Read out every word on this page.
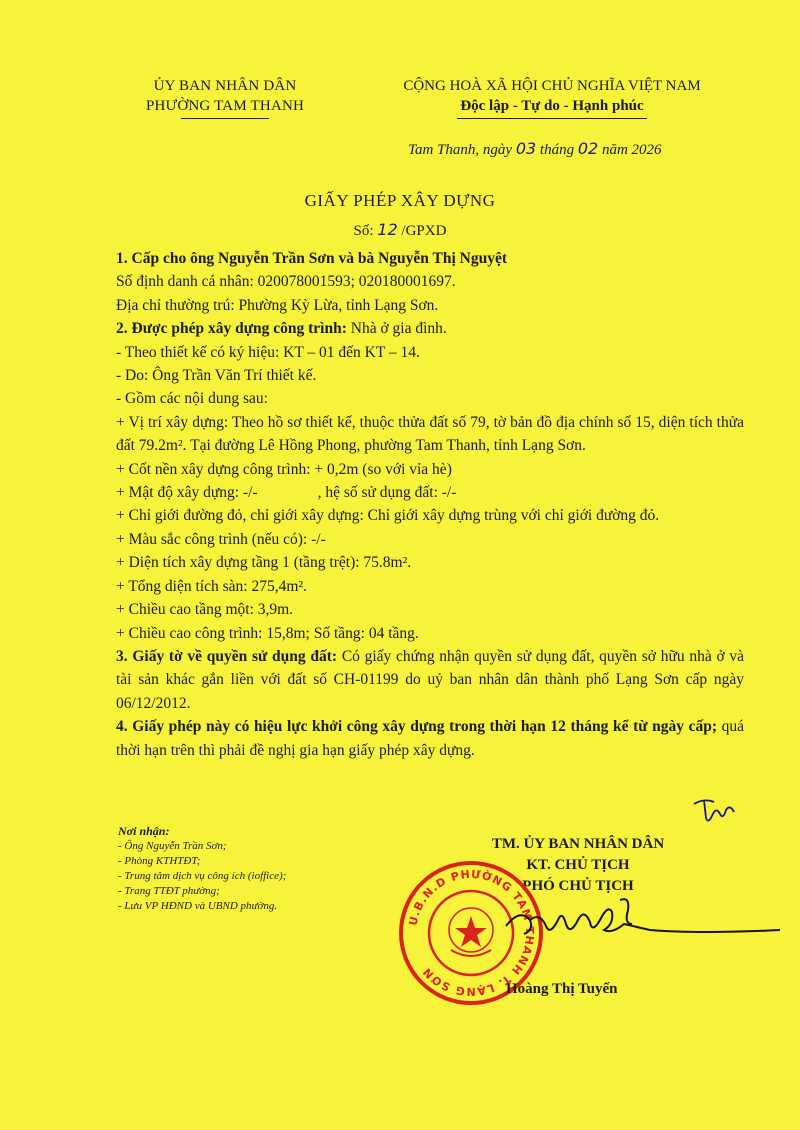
ỦY BAN NHÂN DÂN
PHƯỜNG TAM THANH
CỘNG HOÀ XÃ HỘI CHỦ NGHĨA VIỆT NAM
Độc lập - Tự do - Hạnh phúc
Tam Thanh, ngày 03 tháng 02 năm 2026
GIẤY PHÉP XÂY DỰNG
Số: 12 /GPXD

1. Cấp cho ông Nguyễn Trần Sơn và bà Nguyễn Thị Nguyệt

Số định danh cá nhân: 020078001593; 020180001697.

Địa chỉ thường trú: Phường Kỳ Lừa, tỉnh Lạng Sơn.

2. Được phép xây dựng công trình: Nhà ở gia đình.

- Theo thiết kế có ký hiệu: KT – 01 đến KT – 14.

- Do: Ông Trần Văn Trí thiết kế.

- Gồm các nội dung sau:

+ Vị trí xây dựng: Theo hồ sơ thiết kế, thuộc thửa đất số 79, tờ bản đồ địa chính số 15, diện tích thửa đất 79.2m². Tại đường Lê Hồng Phong, phường Tam Thanh, tỉnh Lạng Sơn.

+ Cốt nền xây dựng công trình: + 0,2m (so với vỉa hè)

+ Mật độ xây dựng: -/-	, hệ số sử dụng đất: -/-

+ Chỉ giới đường đỏ, chỉ giới xây dựng: Chỉ giới xây dựng trùng với chỉ giới đường đỏ.

+ Màu sắc công trình (nếu có): -/-

+ Diện tích xây dựng tầng 1 (tầng trệt): 75.8m².

+ Tổng diện tích sàn: 275,4m².

+ Chiều cao tầng một: 3,9m.

+ Chiều cao công trình: 15,8m; Số tầng: 04 tầng.

3. Giấy tờ về quyền sử dụng đất: Có giấy chứng nhận quyền sử dụng đất, quyền sở hữu nhà ở và tài sản khác gắn liền với đất số CH-01199 do uỷ ban nhân dân thành phố Lạng Sơn cấp ngày 06/12/2012.

4. Giấy phép này có hiệu lực khởi công xây dựng trong thời hạn 12 tháng kể từ ngày cấp; quá thời hạn trên thì phải đề nghị gia hạn giấy phép xây dựng.

Nơi nhận:
- Ông Nguyễn Trần Sơn;
- Phòng KTHTĐT;
- Trung tâm dịch vụ công ích (ioffice);
- Trang TTĐT phường;
- Lưu VP HĐND và UBND phường.
TM. ỦY BAN NHÂN DÂN
KT. CHỦ TỊCH
PHÓ CHỦ TỊCH
U.B.N.D PHƯỜNG TAM THANH T. LẠNG SƠN
Hoàng Thị Tuyến
